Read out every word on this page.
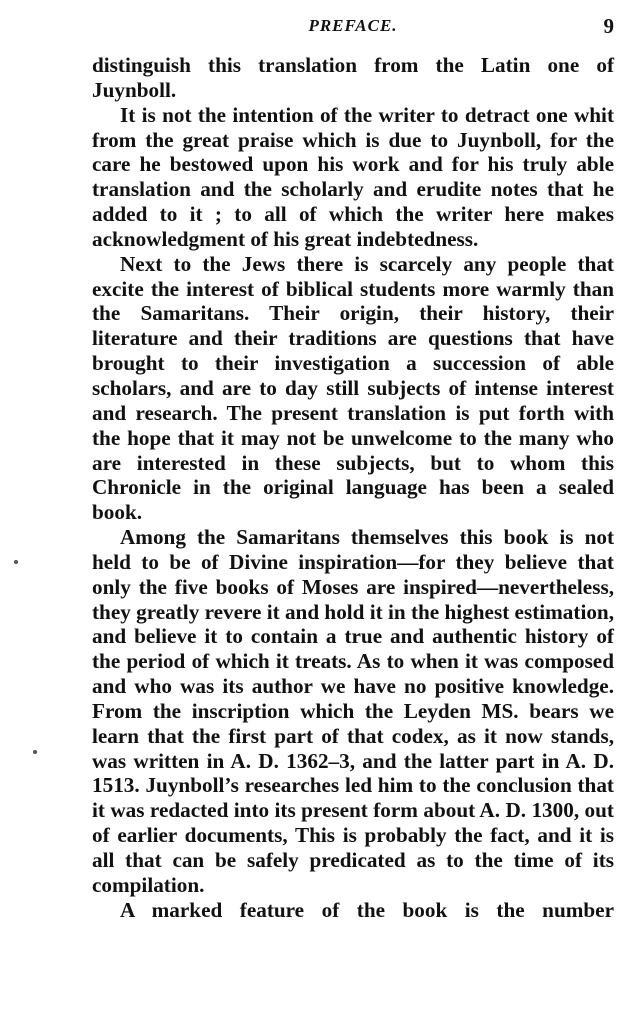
PREFACE.	9

distinguish this translation from the Latin one of Juynboll.

It is not the intention of the writer to detract one whit from the great praise which is due to Juynboll, for the care he bestowed upon his work and for his truly able translation and the scholarly and erudite notes that he added to it ; to all of which the writer here makes acknowledgment of his great indebtedness.

Next to the Jews there is scarcely any people that excite the interest of biblical students more warmly than the Samaritans. Their origin, their history, their literature and their traditions are questions that have brought to their investigation a succession of able scholars, and are to day still subjects of intense interest and research. The present translation is put forth with the hope that it may not be unwelcome to the many who are interested in these subjects, but to whom this Chronicle in the original language has been a sealed book.

Among the Samaritans themselves this book is not held to be of Divine inspiration—for they believe that only the five books of Moses are inspired—nevertheless, they greatly revere it and hold it in the highest estimation, and believe it to contain a true and authentic history of the period of which it treats. As to when it was composed and who was its author we have no positive knowledge. From the inscription which the Leyden MS. bears we learn that the first part of that codex, as it now stands, was written in A. D. 1362–3, and the latter part in A. D. 1513. Juynboll’s researches led him to the conclusion that it was redacted into its present form about A. D. 1300, out of earlier documents, This is probably the fact, and it is all that can be safely predicated as to the time of its compilation.

A marked feature of the book is the number
